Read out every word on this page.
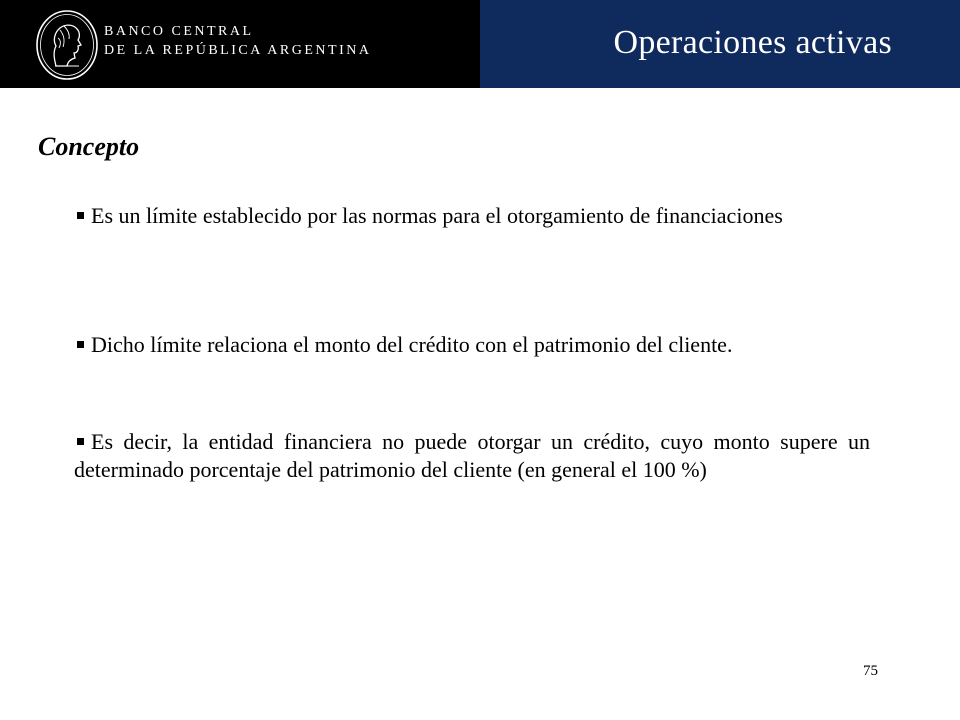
BANCO CENTRAL
DE LA REPÚBLICA ARGENTINA	Operaciones activas
Concepto
Es un límite establecido por las normas para el otorgamiento de financiaciones
Dicho límite relaciona el monto del crédito con el patrimonio del cliente.
Es decir, la entidad financiera no puede otorgar un crédito, cuyo monto supere un determinado porcentaje del patrimonio del cliente (en general el 100 %)
75
